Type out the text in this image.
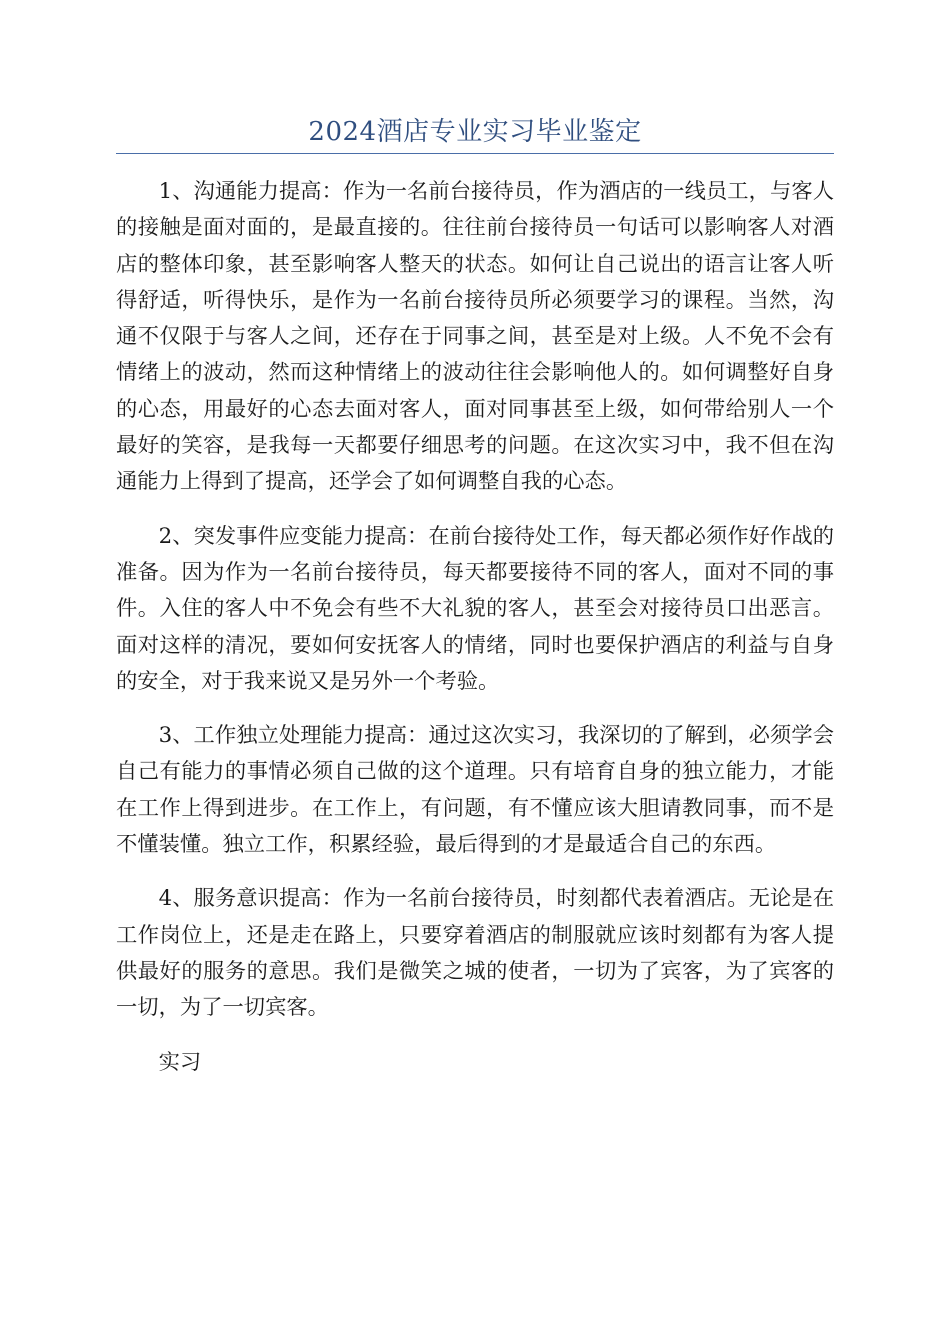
2024酒店专业实习毕业鉴定

1、沟通能力提高：作为一名前台接待员，作为酒店的一线员工，与客人的接触是面对面的，是最直接的。往往前台接待员一句话可以影响客人对酒店的整体印象，甚至影响客人整天的状态。如何让自己说出的语言让客人听得舒适，听得快乐，是作为一名前台接待员所必须要学习的课程。当然，沟通不仅限于与客人之间，还存在于同事之间，甚至是对上级。人不免不会有情绪上的波动，然而这种情绪上的波动往往会影响他人的。如何调整好自身的心态，用最好的心态去面对客人，面对同事甚至上级，如何带给别人一个最好的笑容，是我每一天都要仔细思考的问题。在这次实习中，我不但在沟通能力上得到了提高，还学会了如何调整自我的心态。

2、突发事件应变能力提高：在前台接待处工作，每天都必须作好作战的准备。因为作为一名前台接待员，每天都要接待不同的客人，面对不同的事件。入住的客人中不免会有些不大礼貌的客人，甚至会对接待员口出恶言。面对这样的清况，要如何安抚客人的情绪，同时也要保护酒店的利益与自身的安全，对于我来说又是另外一个考验。

3、工作独立处理能力提高：通过这次实习，我深切的了解到，必须学会自己有能力的事情必须自己做的这个道理。只有培育自身的独立能力，才能在工作上得到进步。在工作上，有问题，有不懂应该大胆请教同事，而不是不懂装懂。独立工作，积累经验，最后得到的才是最适合自己的东西。

4、服务意识提高：作为一名前台接待员，时刻都代表着酒店。无论是在工作岗位上，还是走在路上，只要穿着酒店的制服就应该时刻都有为客人提供最好的服务的意思。我们是微笑之城的使者，一切为了宾客，为了宾客的一切，为了一切宾客。

实习
